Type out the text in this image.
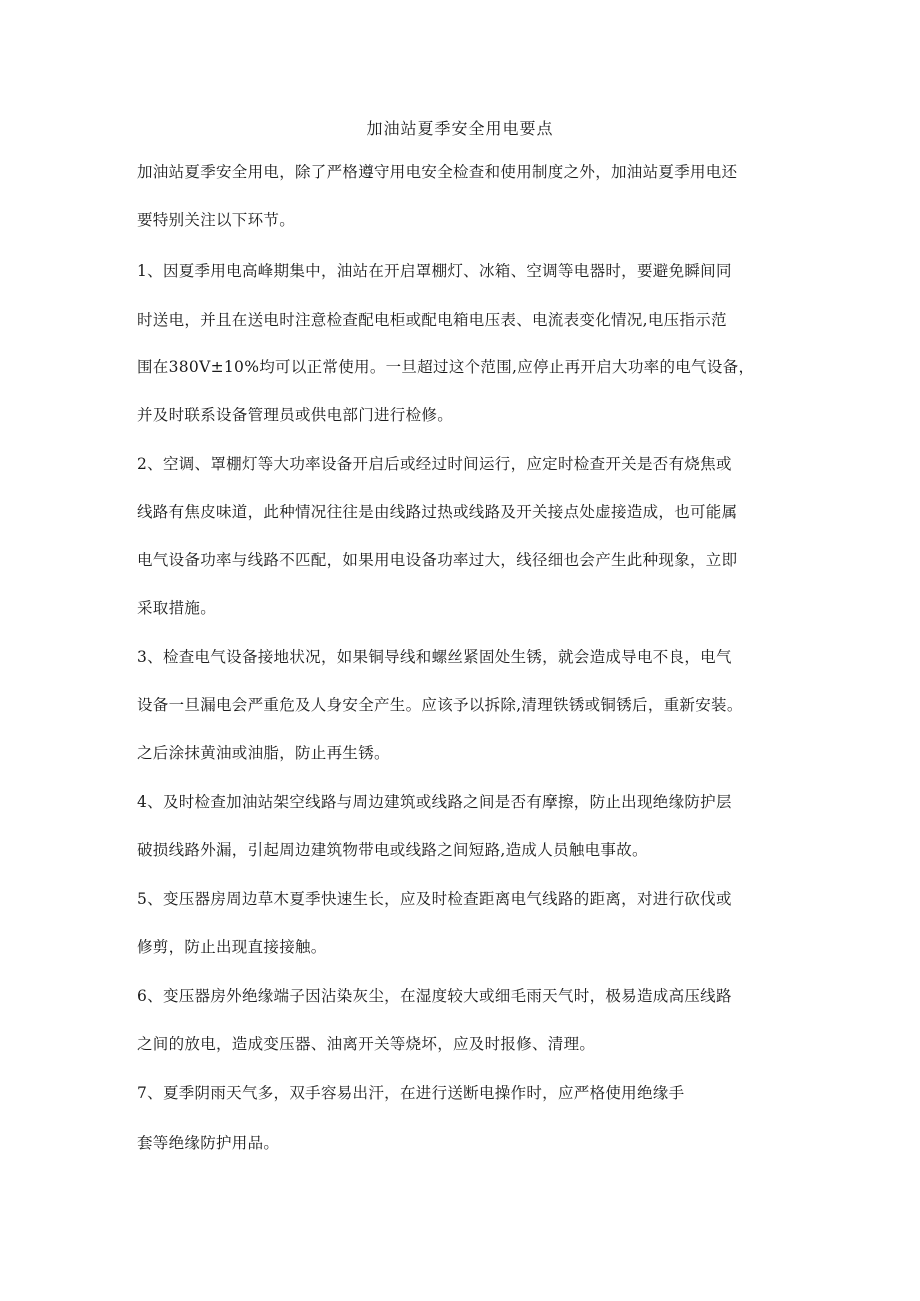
加油站夏季安全用电要点
加油站夏季安全用电，除了严格遵守用电安全检查和使用制度之外，加油站夏季用电还
要特别关注以下环节。
1、因夏季用电高峰期集中，油站在开启罩棚灯、冰箱、空调等电器时，要避免瞬间同
时送电，并且在送电时注意检查配电柜或配电箱电压表、电流表变化情况,电压指示范
围在380V±10%均可以正常使用。一旦超过这个范围,应停止再开启大功率的电气设备，
并及时联系设备管理员或供电部门进行检修。
2、空调、罩棚灯等大功率设备开启后或经过时间运行，应定时检查开关是否有烧焦或
线路有焦皮味道，此种情况往往是由线路过热或线路及开关接点处虚接造成，也可能属
电气设备功率与线路不匹配，如果用电设备功率过大，线径细也会产生此种现象，立即
采取措施。
3、检查电气设备接地状况，如果铜导线和螺丝紧固处生锈，就会造成导电不良，电气
设备一旦漏电会严重危及人身安全产生。应该予以拆除,清理铁锈或铜锈后，重新安装。
之后涂抹黄油或油脂，防止再生锈。
4、及时检查加油站架空线路与周边建筑或线路之间是否有摩擦，防止出现绝缘防护层
破损线路外漏，引起周边建筑物带电或线路之间短路,造成人员触电事故。
5、变压器房周边草木夏季快速生长，应及时检查距离电气线路的距离，对进行砍伐或
修剪，防止出现直接接触。
6、变压器房外绝缘端子因沾染灰尘，在湿度较大或细毛雨天气时，极易造成高压线路
之间的放电，造成变压器、油离开关等烧坏，应及时报修、清理。
7、夏季阴雨天气多，双手容易出汗，在进行送断电操作时，应严格使用绝缘手
套等绝缘防护用品。
